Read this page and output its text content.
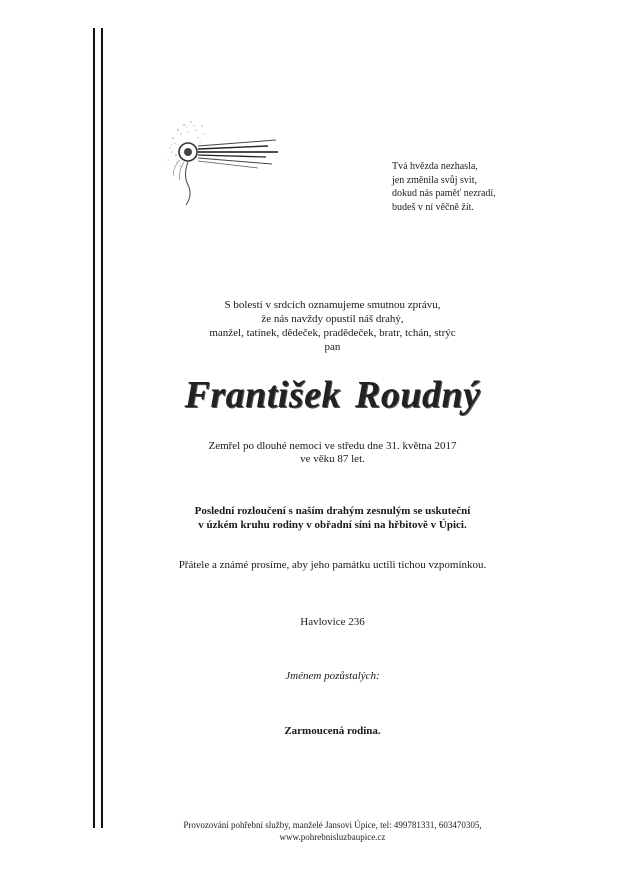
Tvá hvězda nezhasla,
jen změnila svůj svit,
dokud nás paměť nezradí,
budeš v ní věčně žít.
S bolestí v srdcích oznamujeme smutnou zprávu,
že nás navždy opustil náš drahý,
manžel, tatínek, dědeček, pradědeček, bratr, tchán, strýc
pan
František Roudný
Zemřel po dlouhé nemoci ve středu dne 31. května 2017
ve věku 87 let.
Poslední rozloučení s naším drahým zesnulým se uskuteční
v úzkém kruhu rodiny v obřadní síni na hřbitově v Úpici.
Přátele a známé prosíme, aby jeho památku uctili tichou vzpomínkou.
Havlovice 236
Jménem pozůstalých:
Zarmoucená rodina.
Provozování pohřební služby, manželé Jansovi Úpice, tel: 499781331, 603470305,
www.pohrebnisluzbaupice.cz
